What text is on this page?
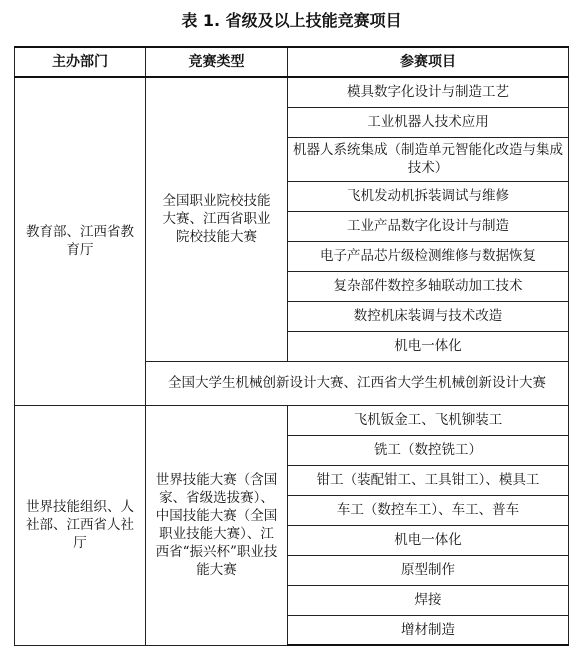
表 1. 省级及以上技能竞赛项目
主办部门	竞赛类型	参赛项目
教育部、江西省教育厅	全国职业院校技能大赛、江西省职业院校技能大赛	模具数字化设计与制造工艺
		工业机器人技术应用
		机器人系统集成（制造单元智能化改造与集成技术）
		飞机发动机拆装调试与维修
		工业产品数字化设计与制造
		电子产品芯片级检测维修与数据恢复
		复杂部件数控多轴联动加工技术
		数控机床装调与技术改造
		机电一体化
	全国大学生机械创新设计大赛、江西省大学生机械创新设计大赛	
世界技能组织、人社部、江西省人社厅	世界技能大赛（含国家、省级选拔赛）、中国技能大赛（全国职业技能大赛）、江西省“振兴杯”职业技能大赛	飞机钣金工、飞机铆装工
		铣工（数控铣工）
		钳工（装配钳工、工具钳工）、模具工
		车工（数控车工）、车工、普车
		机电一体化
		原型制作
		焊接
		增材制造
